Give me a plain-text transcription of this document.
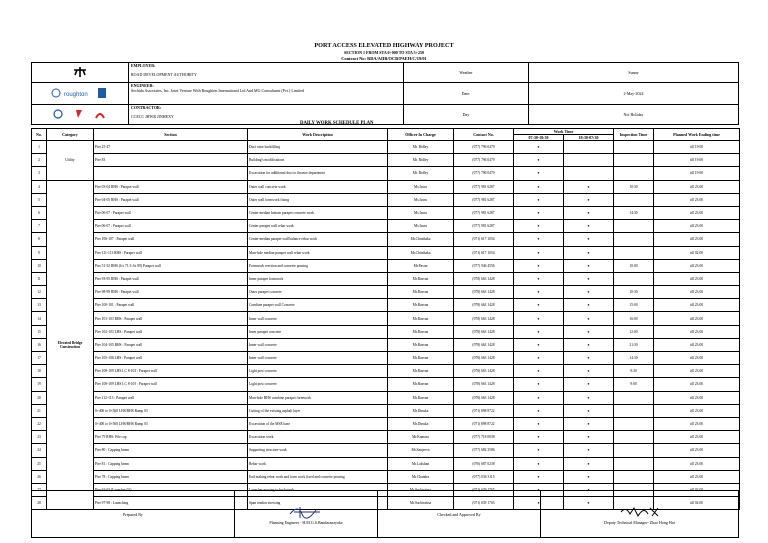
PORT ACCESS ELEVATED HIGHWAY PROJECT
SECTION 1 FROM STA 0+000 TO STA 5+250
Contract No: RDA/AIIB/OCB/PAEH/C/19/01

EMPLOYER:
ROAD DEVELOPMENT AUTHORITY	Weather	Sunny

roughton	ENGINEER:
Sechida Associates, Inc. Joint Venture With Roughton International Ltd And MG Consultants (Pvt.) Limited	Date:	2-May-2024

CONTRACTOR:
CCECC JHWR JINHEXY	Day	Not Holiday
DAILY WORK SCHEDULE PLAN
No.	Category	Section	Work Description	Officer In Charge	Contact No.	Work Time		Inspection Time	Planned Work Ending time
						07:30-18:30	18:30-07:30		
1	Utility	Pier 25-27	Duct raise backfilling	Mr. Ridley	(077) 796 0479	●			till 19:00
2		Pier 83	Building's modifications	Mr. Ridley	(077) 796 0479	●			till 19:00
3			Excavation for additional duct to finance department	Mr. Ridley	(077) 796 0479	●			till 19:00
4	Elevated Bridge Construction	Pier 03-04 RHS : Parapet wall	Outer wall concrete work	Ms.Isuru	(077) 981 6287	●	●	10:30	till 23:00
5		Pier 04-05 RHS : Parapet wall	Outer wall formwork fixing	Ms.Isuru	(077) 981 6287	●	●		till 23:00
6		Pier 06-07 : Parapet wall	Center median bottom parapet concrete work	Ms.Isuru	(077) 981 6287	●	●	14:30	till 23:00
7		Pier 06-07 : Parapet wall	Center parapet wall rebar work	Ms.Isuru	(077) 981 6287	●	●		till 23:00
8		Pier 106-107 : Parapet wall	Center median parapet wall balance rebar work	Mr.Chinthaka	(071) 617 1054	●	●		till 23:00
9		Pier 111-113 RHS : Parapet wall	Man-hole median parapet wall rebar work	Mr.Chinthaka	(071) 617 1054	●	●		till 02:00
10		Pier 51-52 RHS (Jct 71.5-Jct 89) Parapet wall	Formwork erection and concrete pouring	Mr.Pavan	(077) 946 4556	●	●	10:00	till 23:00
11		Pier 93-95 RHS : Parapet wall	Inner parapet formwork	Mr.Rasvan	(078) 663 1428	●	●		till 23:00
12		Pier 98-99 RHS : Parapet wall	Outer parapet concrete	Mr.Rasvan	(078) 663 1428	●	●	10:30	till 23:00
13		Pier 100-101 : Parapet wall	Combine parapet wall Concrete	Mr.Rasvan	(078) 663 1428	●	●	15:00	till 23:00
14		Pier 101-103 RHS : Parapet wall	Inner wall concrete	Mr.Rasvan	(078) 663 1428	●	●	16:00	till 23:00
15		Pier 102-103 LHS : Parapet wall	Inner parapet concrete	Mr.Rasvan	(078) 663 1428	●	●	12:00	till 23:00
16		Pier 104-105 RHS : Parapet wall	Inner wall concrete	Mr.Rasvan	(078) 663 1428	●	●	21:30	till 23:00
17		Pier 105-106 LHS : Parapet wall	Inner wall concrete	Mr.Rasvan	(078) 663 1428	●	●	14:30	till 23:00
18		Pier 108-109 LHS LC 8-103 : Parapet wall	Light post concrete	Mr.Rasvan	(078) 663 1428	●	●	9:30	till 23:00
19		Pier 108-109 LHS LC 8-105 : Parapet wall	Light post concrete	Mr.Rasvan	(078) 663 1428	●	●	9:00	till 23:00
20		Pier 112-113 : Parapet wall	Man-hole RHS combine parapet formwork	Mr.Rasvan	(078) 663 1428	●	●		till 23:00
21		0+400 to 0+560 LHS/RHS Ramp 03	Cutting of the existing asphalt layer	Mr.Dinuka	(071) 898 8722	●	●		till 23:00
22		0+400 to 0+560 LHS/RHS Ramp 03	Excavation of the MSE base	Mr.Dinuka	(071) 898 8722	●	●		till 23:00
23		Pier 79 RHS: Pile cap	Excavation work	Mr.Kamaru	(077) 718 0838	●	●		till 23:00
24		Pier 80 : Capping beam	Supporting structure work	Mr.Sanjeeva	(077) 682 3586	●	●		till 23:00
25		Pier 81 : Capping beam	Rebar work	Mr.Lakshan	(076) 687 0238	●	●		till 23:00
26		Pier 78 : Capping beam	End making rebar work and form work fixed and concrete pouring	Mr.Chandra	(077) 036 3115	●	●		till 23:00
27		Pier 62-63 (Launcher 01)	Launcher moving to backwards	Mr.Sachintissa	(071) 639 1765	●	●		till 02:00
28		Pier 97-98 : Launching	Span tendon stressing	Mr.Sachintissa	(071) 639 1765	●	●		till 02:00
Prepared By	
Planning Engineer - H.M.G.S.Bandaranayake
	Checked and Approved By	
Deputy Technical Manager- Zhao Hong Hui
